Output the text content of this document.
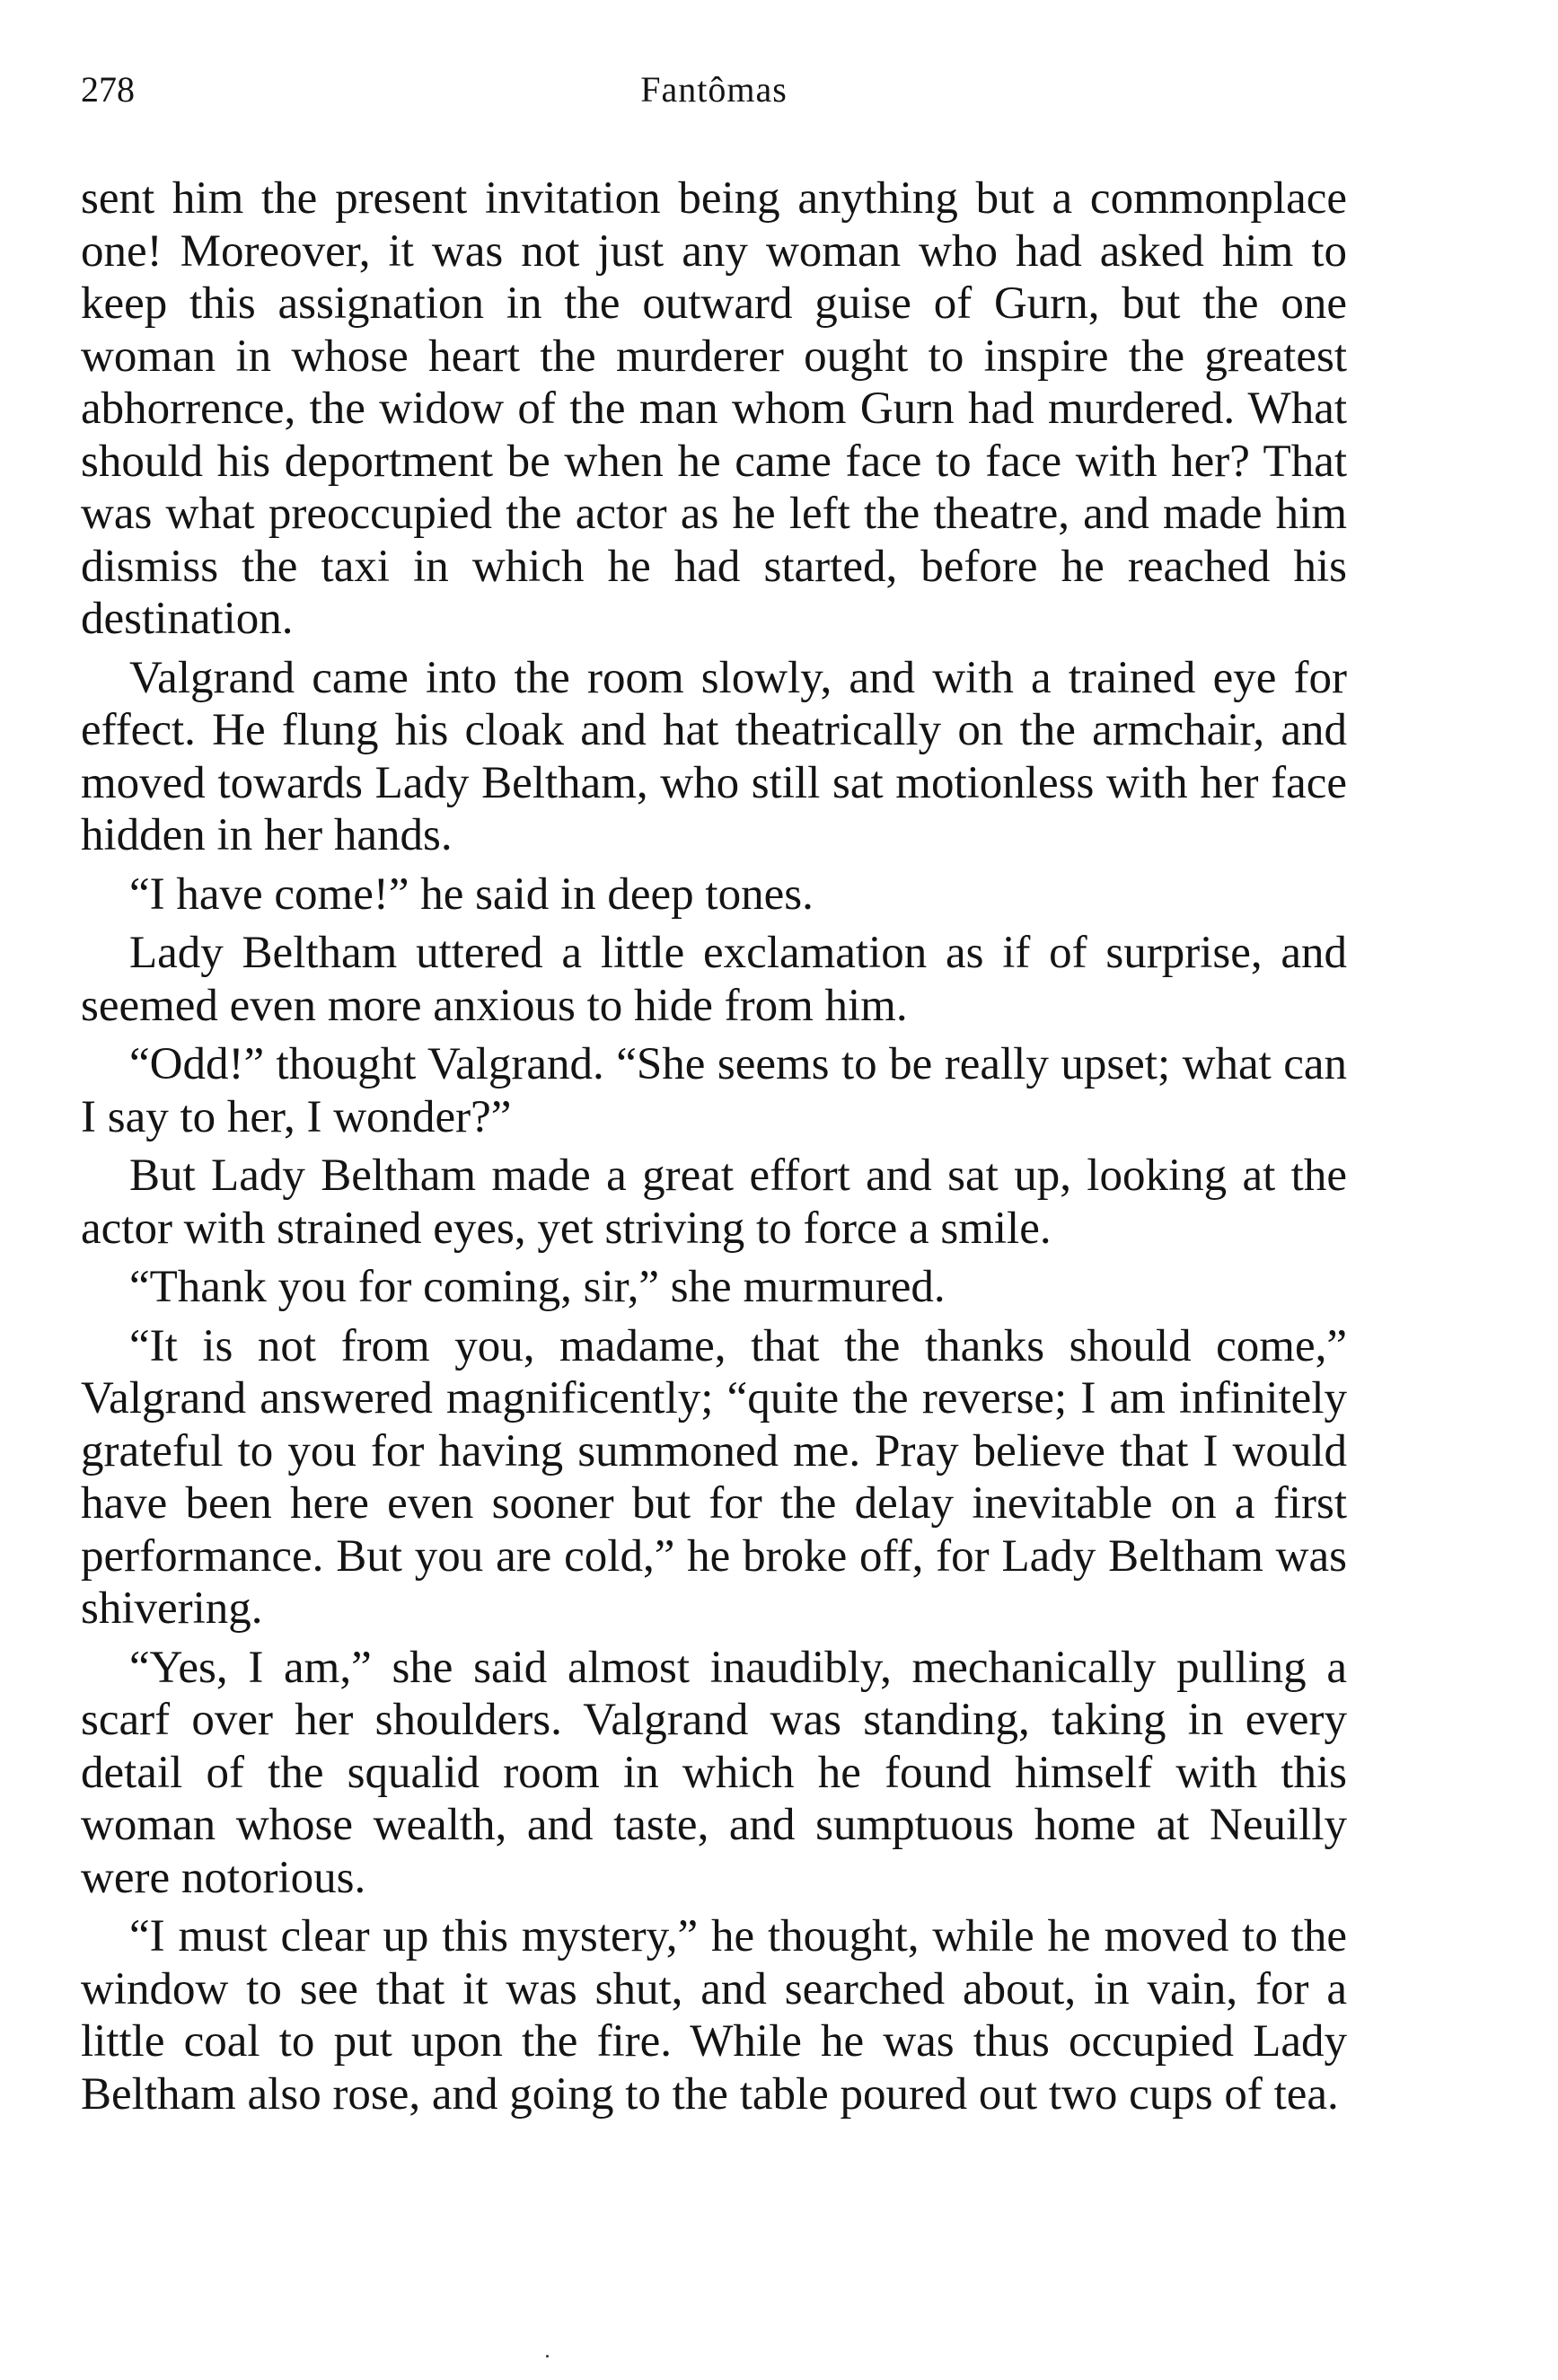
278	Fantômas

sent him the present invitation being anything but a commonplace one! Moreover, it was not just any woman who had asked him to keep this assignation in the outward guise of Gurn, but the one woman in whose heart the murderer ought to inspire the greatest abhorrence, the widow of the man whom Gurn had murdered. What should his deportment be when he came face to face with her? That was what preoccupied the actor as he left the theatre, and made him dismiss the taxi in which he had started, before he reached his destination.

Valgrand came into the room slowly, and with a trained eye for effect. He flung his cloak and hat theatrically on the armchair, and moved towards Lady Beltham, who still sat motionless with her face hidden in her hands.

“I have come!” he said in deep tones.

Lady Beltham uttered a little exclamation as if of surprise, and seemed even more anxious to hide from him.

“Odd!” thought Valgrand. “She seems to be really upset; what can I say to her, I wonder?”

But Lady Beltham made a great effort and sat up, looking at the actor with strained eyes, yet striving to force a smile.

“Thank you for coming, sir,” she murmured.

“It is not from you, madame, that the thanks should come,” Valgrand answered magnificently; “quite the reverse; I am infinitely grateful to you for having summoned me. Pray believe that I would have been here even sooner but for the delay inevitable on a first performance. But you are cold,” he broke off, for Lady Beltham was shivering.

“Yes, I am,” she said almost inaudibly, mechanically pulling a scarf over her shoulders. Valgrand was standing, taking in every detail of the squalid room in which he found himself with this woman whose wealth, and taste, and sumptuous home at Neuilly were notorious.

“I must clear up this mystery,” he thought, while he moved to the window to see that it was shut, and searched about, in vain, for a little coal to put upon the fire. While he was thus occupied Lady Beltham also rose, and going to the table poured out two cups of tea.
